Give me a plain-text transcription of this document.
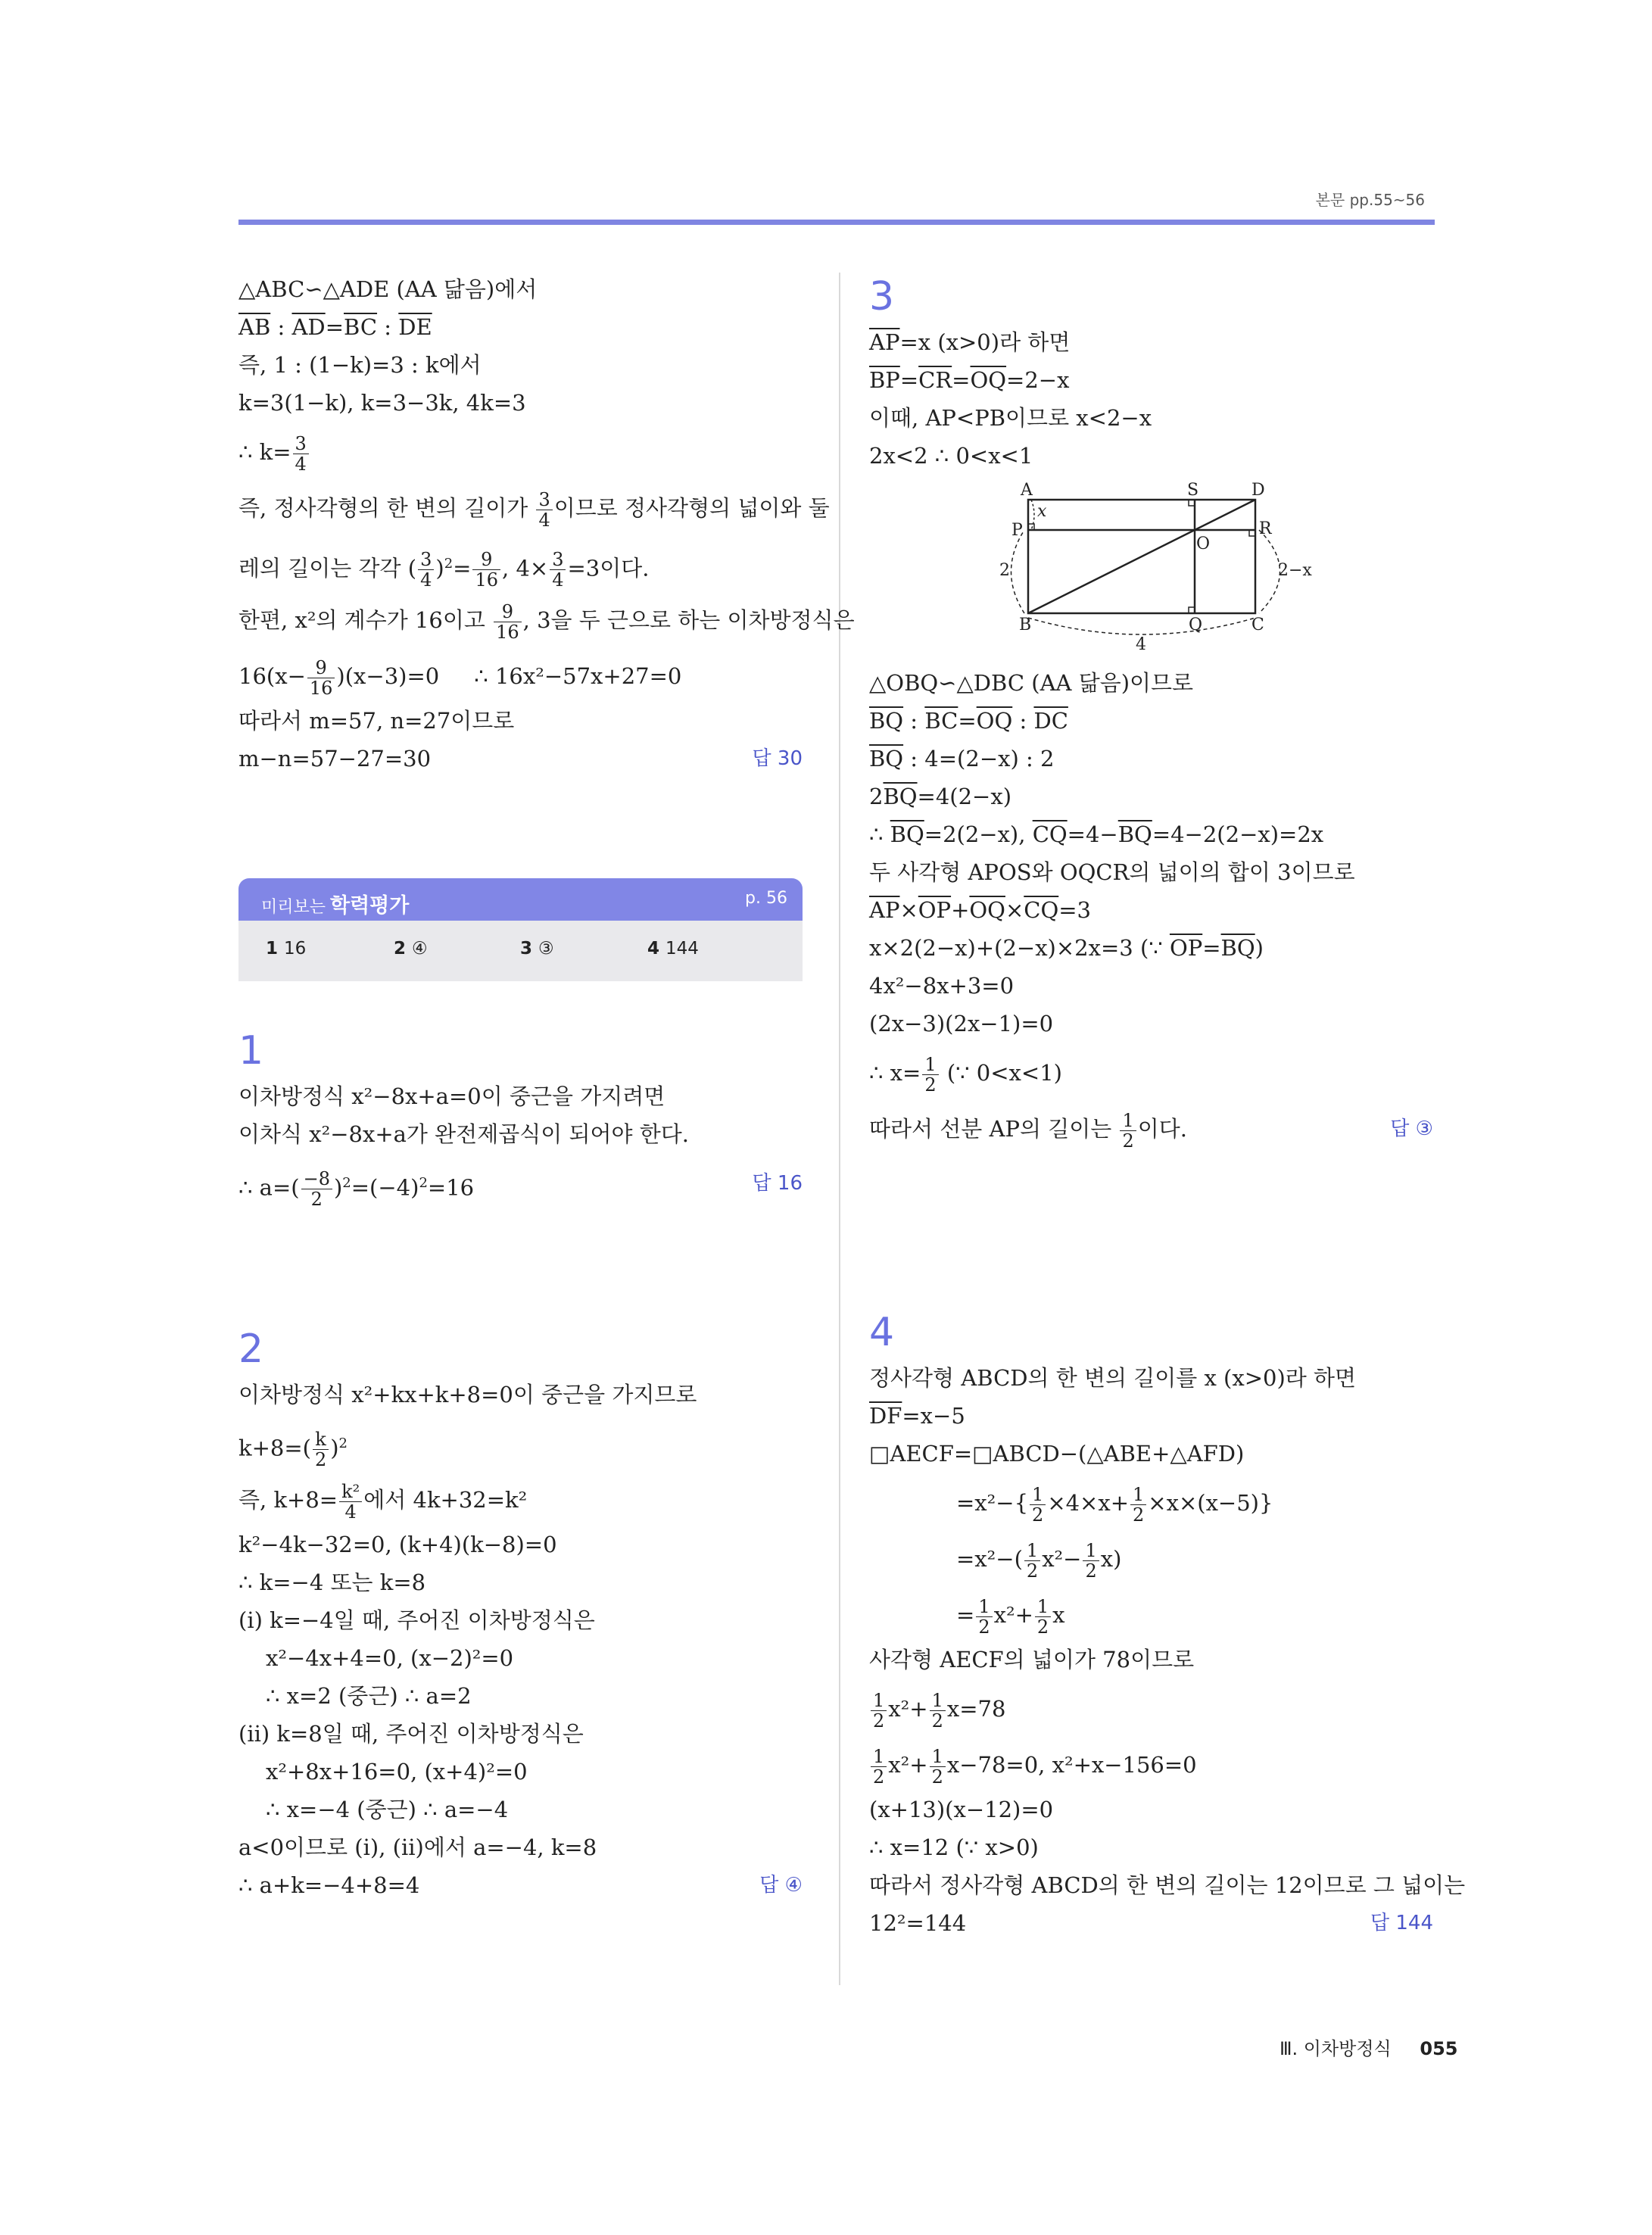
본문 pp.55~56
△ABC∽△ADE (AA 닮음)에서
$\overline{AB}$ : $\overline{AD}=\overline{BC}$ : $\overline{DE}$
즉, 1 : (1−k)=3 : k에서
k=3(1−k), k=3−3k, 4k=3
∴ $k= \frac{3}{4}$
즉, 정사각형의 한 변의 길이가 $\frac{3}{4}$ 이므로 정사각형의 넓이와 둘
레의 길이는 각각 ( $\frac{3}{4} )^2= \frac{9}{16}$ , $4\times \frac{3}{4} =3$이다.
한편, x²의 계수가 16이고 $\frac{9}{16}$ , 3을 두 근으로 하는 이차방정식은
$16(x- \frac{9}{16} )(x-3)=0$     ∴ 16x²−57x+27=0
따라서 m=57, n=27이므로
m−n=57−27=30	답 30
미리보는 학력평가	p. 56
1 16	2 ④	3 ③	4 144
1
이차방정식 x²−8x+a=0이 중근을 가지려면
이차식 x²−8x+a가 완전제곱식이 되어야 한다.
∴ $a=( \frac{-8}{2} )^2=(-4)^2=16$	답 16
2
이차방정식 x²+kx+k+8=0이 중근을 가지므로
$k+8=( \frac{k}{2} )^2$
즉, $k+8= \frac{\text{k²}}{4}$ 에서 4k+32=k²
k²−4k−32=0, (k+4)(k−8)=0
∴ k=−4 또는 k=8
(ⅰ) k=−4일 때, 주어진 이차방정식은
x²−4x+4=0, (x−2)²=0
∴ x=2 (중근) ∴ a=2
(ⅱ) k=8일 때, 주어진 이차방정식은
x²+8x+16=0, (x+4)²=0
∴ x=−4 (중근) ∴ a=−4
a<0이므로 (ⅰ), (ⅱ)에서 a=−4, k=8
∴ a+k=−4+8=4	답 ④
3
$\overline{AP}=x$ (x>0)라 하면
$\overline{BP}=\overline{CR}=\overline{OQ}=2-x$
이때, AP<PB이므로 x<2−x
2x<2 ∴ 0<x<1
A	S	D
P
x
O
R
2	2−x
B	Q	C
4
△OBQ∽△DBC (AA 닮음)이므로
$\overline{BQ}$ : $\overline{BC}=\overline{OQ}$ : $\overline{DC}$
$\overline{BQ}$ : 4=(2−x) : 2
$2\overline{BQ}=4(2-x)$
∴ $\overline{BQ}=2(2-x)$, $\overline{CQ}=4-\overline{BQ}=4-2(2-x)=2x$
두 사각형 APOS와 OQCR의 넓이의 합이 3이므로
$\overline{AP}\times\overline{OP}+\overline{OQ}\times\overline{CQ}=3$
x×2(2−x)+(2−x)×2x=3 (∵ $\overline{OP}=\overline{BQ}$)
4x²−8x+3=0
(2x−3)(2x−1)=0
∴ $x= \frac{1}{2}$ (∵ 0<x<1)
따라서 선분 AP의 길이는 $\frac{1}{2}$ 이다.	답 ③
4
정사각형 ABCD의 한 변의 길이를 x (x>0)라 하면
$\overline{DF}=x-5$
□AECF=□ABCD−(△ABE+△AFD)
$=x^2-\{ \frac{1}{2} \times 4\times x+ \frac{1}{2} \times x\times(x-5)\}$
$=x^2-( \frac{1}{2} x^2- \frac{1}{2} x)$
= $\frac{1}{2} x^2+ \frac{1}{2}$ x
사각형 AECF의 넓이가 78이므로
$\frac{1}{2} x^2+ \frac{1}{2} x=78$
$\frac{1}{2} x^2+ \frac{1}{2} x-78=0$, x²+x−156=0
(x+13)(x−12)=0
∴ x=12 (∵ x>0)
따라서 정사각형 ABCD의 한 변의 길이는 12이므로 그 넓이는
12²=144	답 144
Ⅲ. 이차방정식 055
